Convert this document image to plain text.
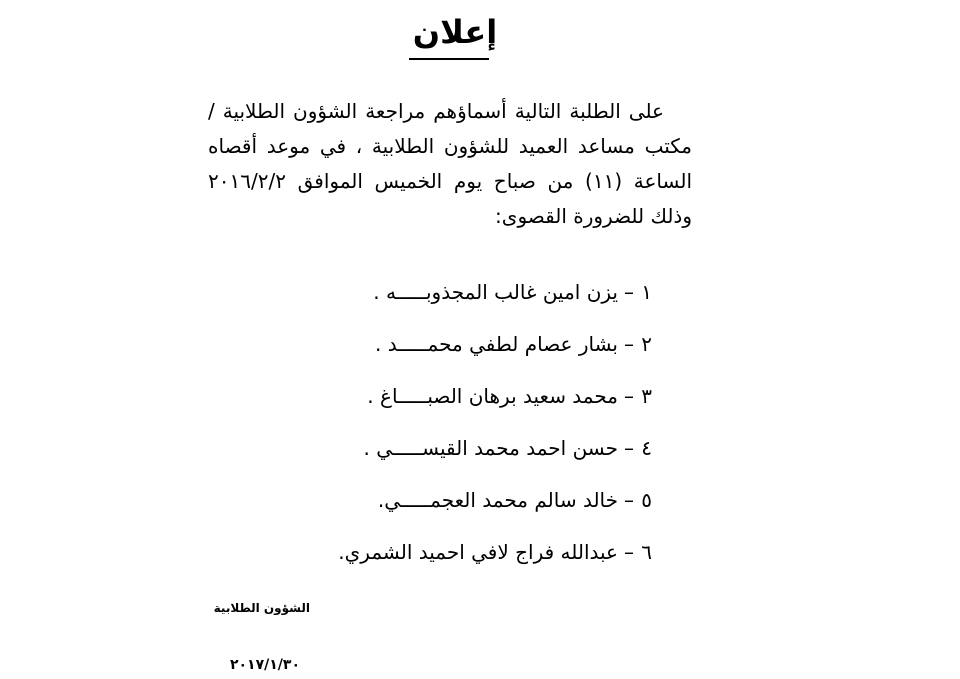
إعلان

على الطلبة التالية أسماؤهم مراجعة الشؤون الطلابية / مكتب مساعد العميد للشؤون الطلابية ، في موعد أقصاه الساعة (١١) من صباح يوم الخميس الموافق ٢٠١٦/٢/٢ وذلك للضرورة القصوى:

١–يزن امين غالب المجذوبـــــه .
٢–بشار عصام لطفي محمـــــد .
٣–محمد سعيد برهان الصبـــــاغ .
٤–حسن احمد محمد القيســـــي .
٥–خالد سالم محمد العجمـــــي.
٦–عبدالله فراج لافي احميد الشمري.
الشؤون الطلابية
٢٠١٧/١/٣٠
